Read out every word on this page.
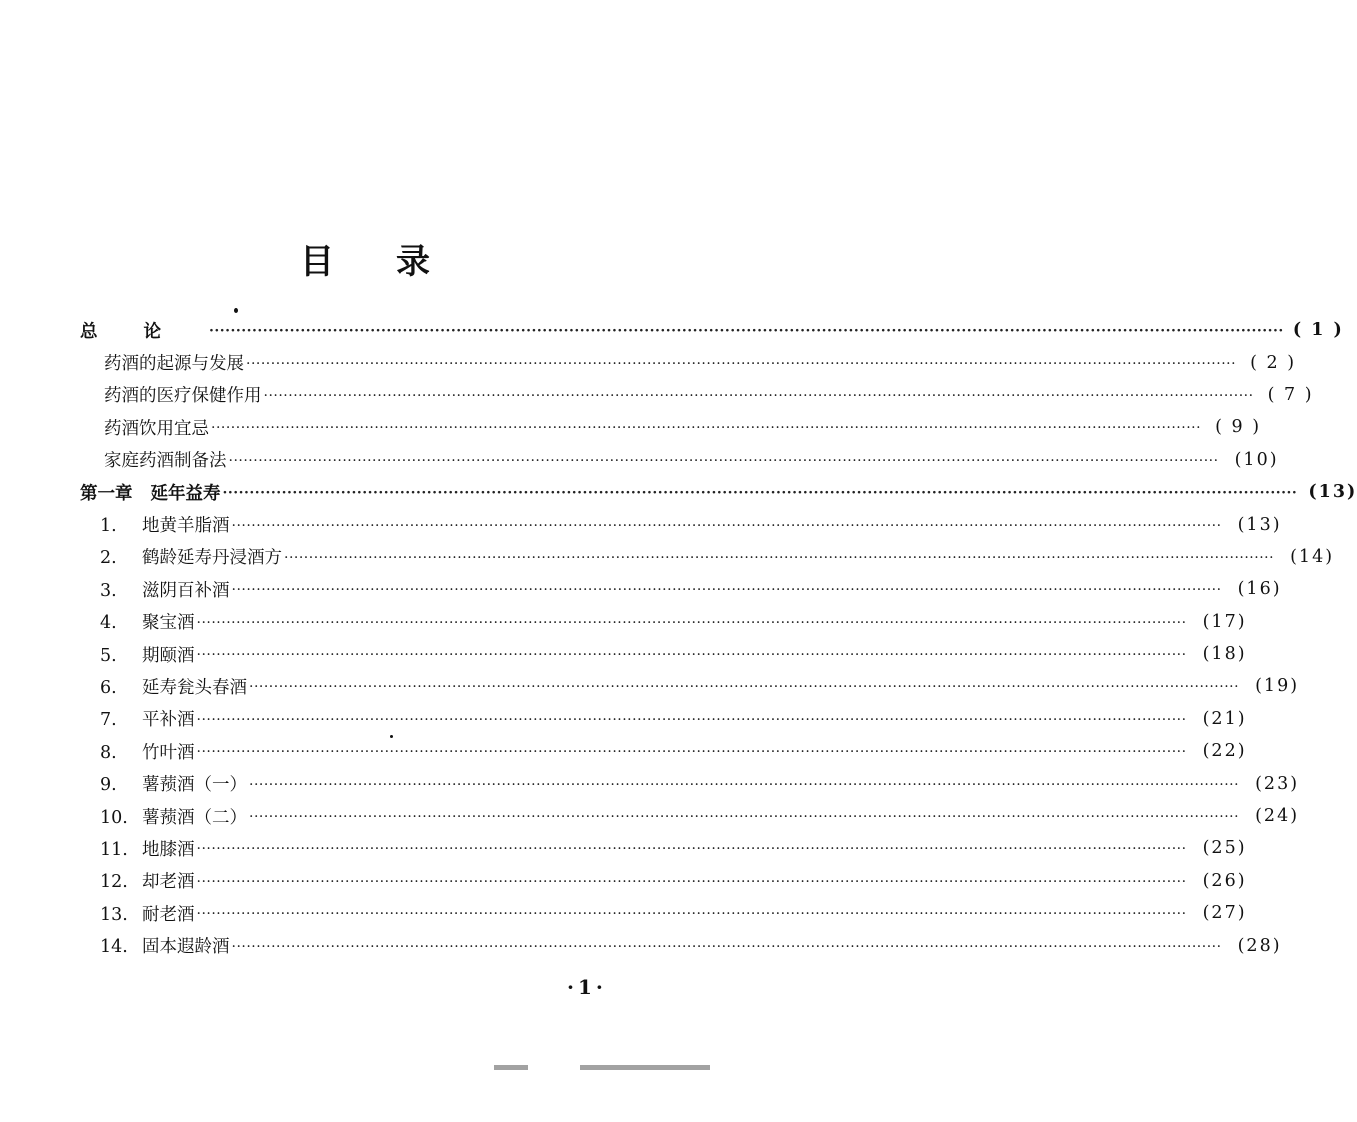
目录
总论 ········································································································································································································ ( 1 )
药酒的起源与发展 ········································································································································································································ ( 2 )
药酒的医疗保健作用 ········································································································································································································ ( 7 )
药酒饮用宜忌 ········································································································································································································ ( 9 )
家庭药酒制备法 ········································································································································································································ (10)
第一章 延年益寿 ········································································································································································································ (13)
1. 地黄羊脂酒 ········································································································································································································ (13)
2. 鹤龄延寿丹浸酒方 ········································································································································································································ (14)
3. 滋阴百补酒 ········································································································································································································ (16)
4. 聚宝酒 ········································································································································································································ (17)
5. 期颐酒 ········································································································································································································ (18)
6. 延寿瓮头春酒 ········································································································································································································ (19)
7. 平补酒 ········································································································································································································ (21)
8. 竹叶酒 ········································································································································································································ (22)
9. 薯蓣酒（一） ········································································································································································································ (23)
10. 薯蓣酒（二） ········································································································································································································ (24)
11. 地膝酒 ········································································································································································································ (25)
12. 却老酒 ········································································································································································································ (26)
13. 耐老酒 ········································································································································································································ (27)
14. 固本遐龄酒 ········································································································································································································ (28)
·1·
